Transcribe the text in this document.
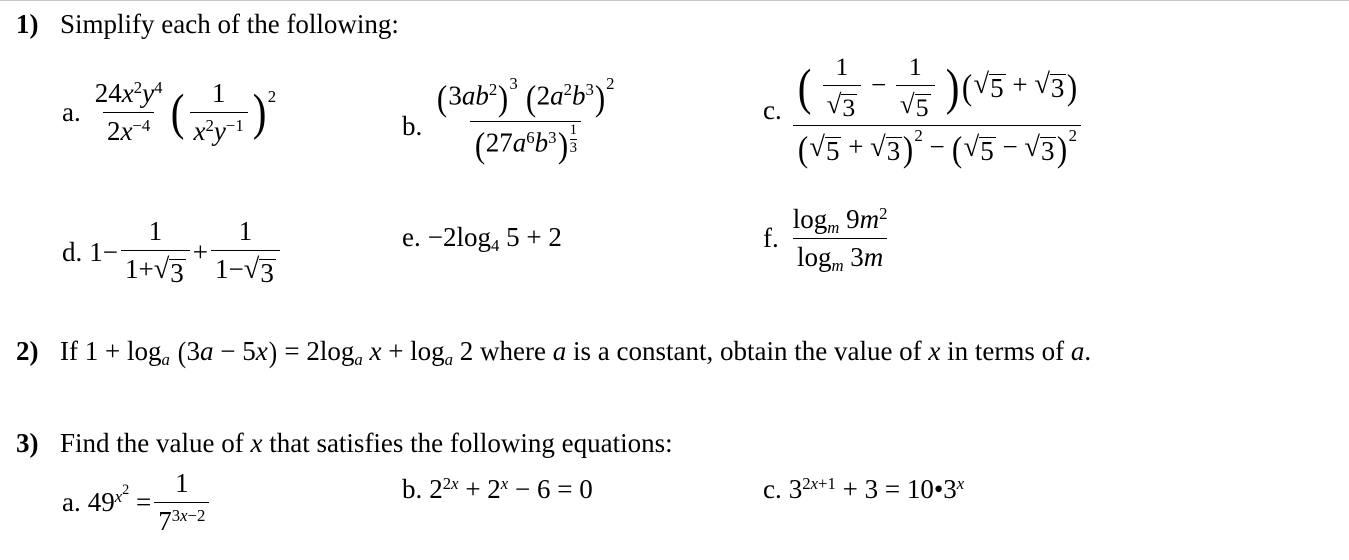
1) Simplify each of the following:
a. $\frac{24x^2y^4}{2x^{-4}}$ ( $\frac{1}{x^2y^{-1}}$ ) 2
b. $\frac{(3ab^2)^3 (2a^2b^3)^2}{(27a^6b^3) \frac{1}{3}}$	c. $\frac{( \frac{1}{√ 3} - \frac{1}{√ 5} )( √ 5 + √ 3 )}{( √ 5 + √ 3 )^2 - ( √ 5 - √ 3 )^2}$
d. $1- \frac{1}{1+ √ 3} + \frac{1}{1- √ 3}$	e. $-2\log_4$ 5 + 2	f. $\frac{\log_m 9m^2}{\log_m 3m}$
2) If $1 + \log_a (3a - 5x) = 2\log_a$ $x + \log_a 2$ where a is a constant, obtain the value of x in terms of a.
3) Find the value of x that satisfies the following equations:
a. $49^{x^2} = \frac{1}{7^{3x-2}}$	b. $2^{2x} + 2^x - 6 = 0$	c. $3^{2x+1} + 3$ = $10•3^x$
